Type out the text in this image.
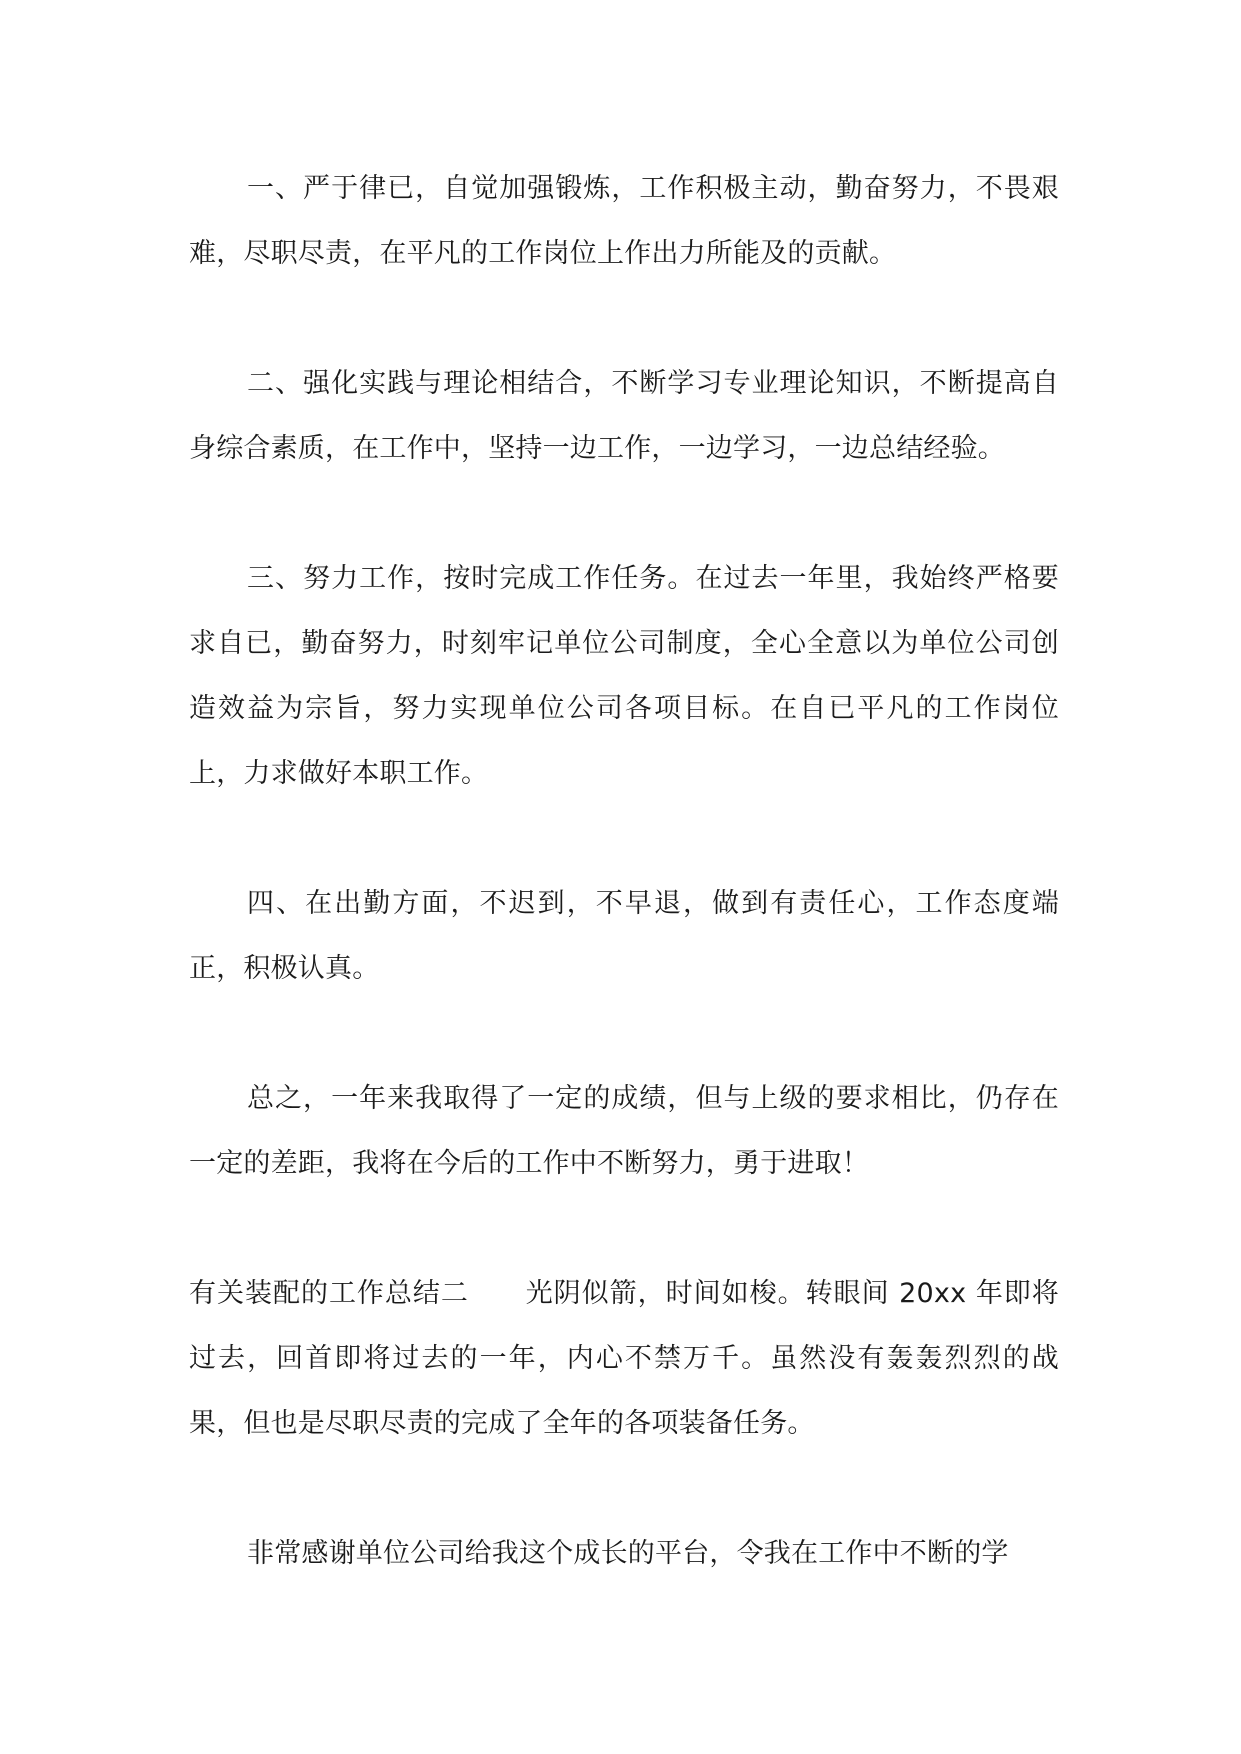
一、严于律已，自觉加强锻炼，工作积极主动，勤奋努力，不畏艰难，尽职尽责，在平凡的工作岗位上作出力所能及的贡献。

二、强化实践与理论相结合，不断学习专业理论知识，不断提高自身综合素质，在工作中，坚持一边工作，一边学习，一边总结经验。

三、努力工作，按时完成工作任务。在过去一年里，我始终严格要求自已，勤奋努力，时刻牢记单位公司制度，全心全意以为单位公司创造效益为宗旨，努力实现单位公司各项目标。在自已平凡的工作岗位上，力求做好本职工作。

四、在出勤方面，不迟到，不早退，做到有责任心，工作态度端正，积极认真。

总之，一年来我取得了一定的成绩，但与上级的要求相比，仍存在一定的差距，我将在今后的工作中不断努力，勇于进取！

有关装配的工作总结二 光阴似箭，时间如梭。转眼间 20xx 年即将过去，回首即将过去的一年，内心不禁万千。虽然没有轰轰烈烈的战果，但也是尽职尽责的完成了全年的各项装备任务。

非常感谢单位公司给我这个成长的平台，令我在工作中不断的学
